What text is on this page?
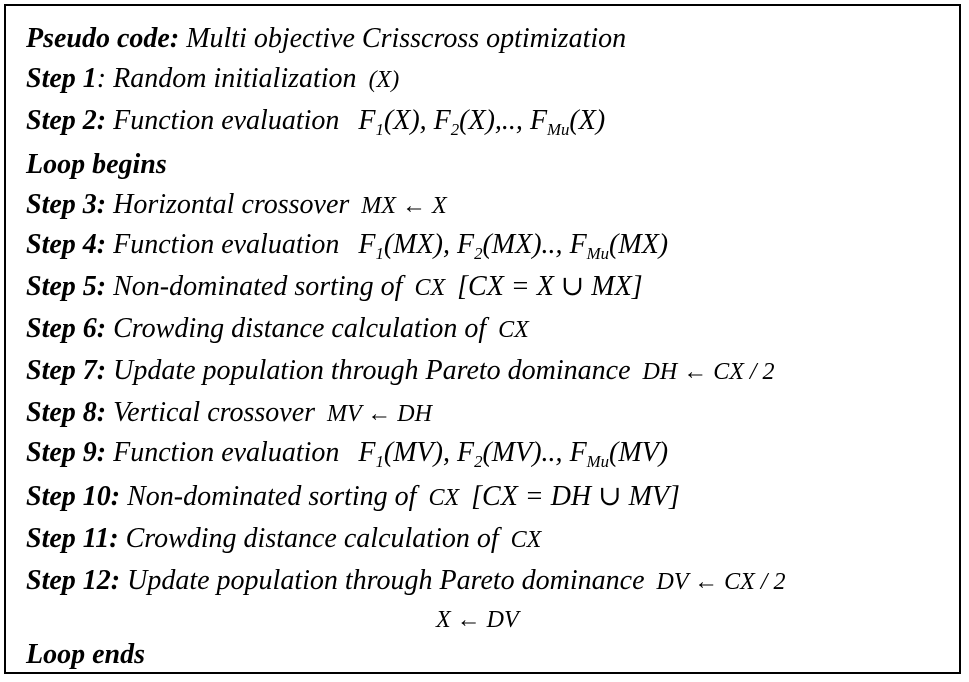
Pseudo code: Multi objective Crisscross optimization
Step 1: Random initialization (X)
Step 2: Function evaluation $F_1(X)$, $F_2(X)$,.., $F_{Mu}(X)$
Loop begins
Step 3: Horizontal crossover MX ← X
Step 4: Function evaluation $F_1(MX)$, $F_2(MX)$.., $F_{Mu}(MX)$
Step 5: Non-dominated sorting of CX [CX = X ∪ MX]
Step 6: Crowding distance calculation of CX
Step 7: Update population through Pareto dominance DH ← CX / 2
Step 8: Vertical crossover MV ← DH
Step 9: Function evaluation $F_1(MV)$, $F_2(MV)$.., $F_{Mu}(MV)$
Step 10: Non-dominated sorting of CX [CX = DH ∪ MV]
Step 11: Crowding distance calculation of CX
Step 12: Update population through Pareto dominance DV ← CX / 2
X ← DV
Loop ends
